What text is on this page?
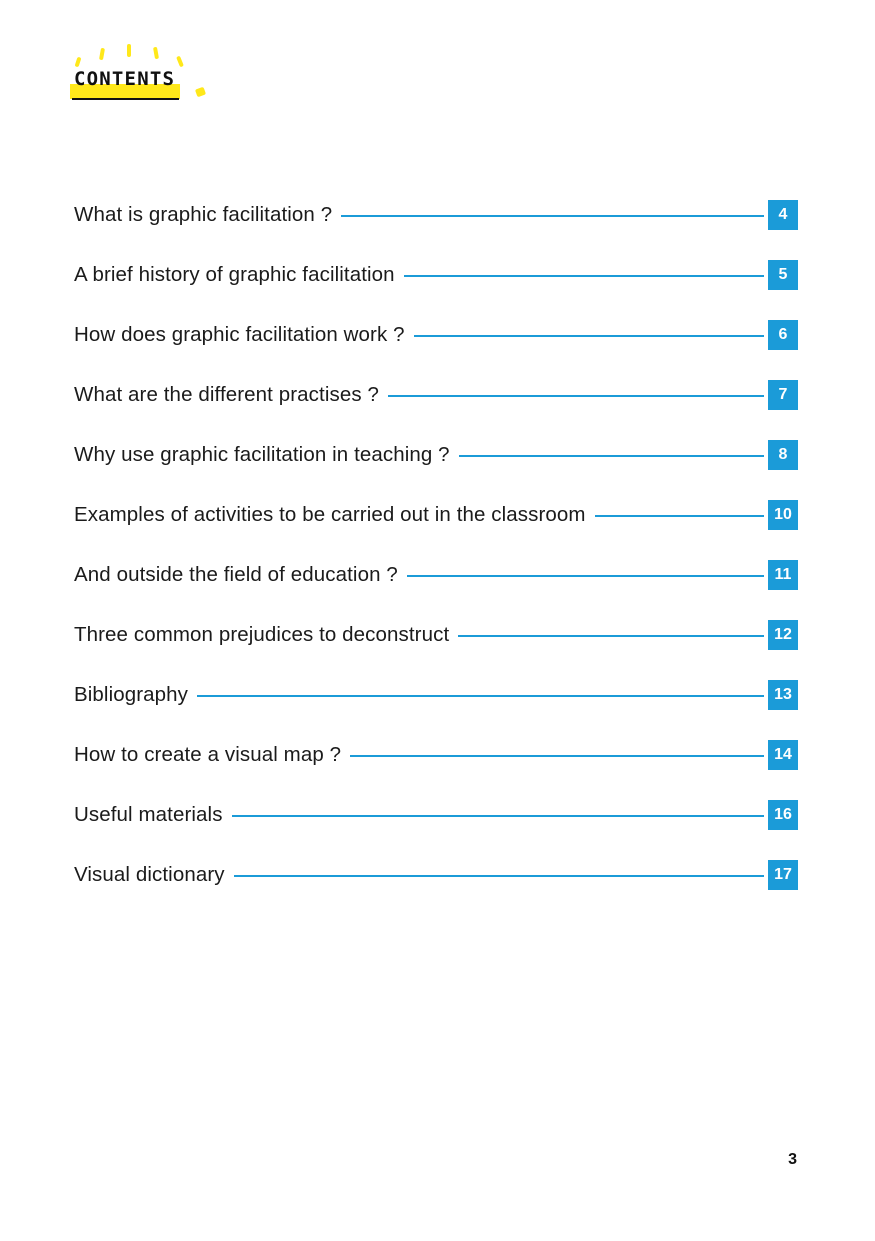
CONTENTS
What is graphic facilitation ?	4
A brief history of graphic facilitation	5
How does graphic facilitation work ?	6
What are the different practises ?	7
Why use graphic facilitation in teaching ?	8
Examples of activities to be carried out in the classroom	10
And outside the field of education ?	11
Three common prejudices to deconstruct	12
Bibliography	13
How to create a visual map ?	14
Useful materials	16
Visual dictionary	17
3
